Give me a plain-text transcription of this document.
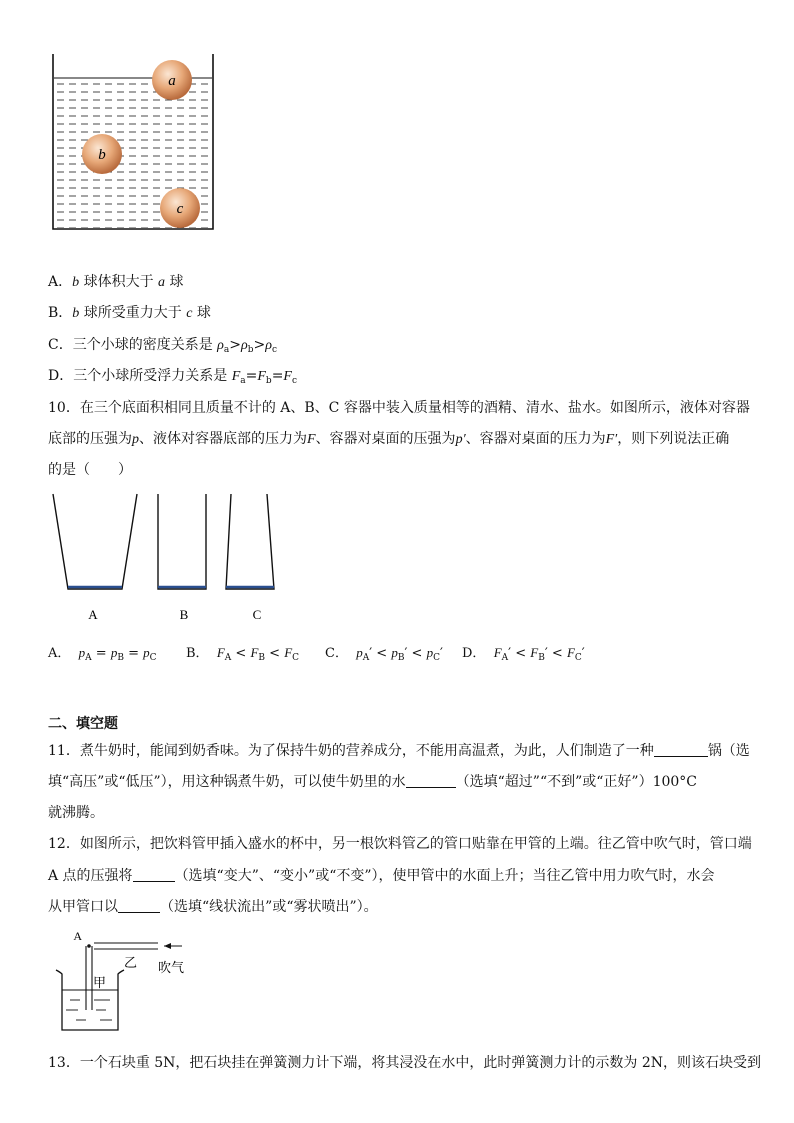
a
b
c
A．b 球体积大于 a 球
B．b 球所受重力大于 c 球
C．三个小球的密度关系是 $\rho_a>\rho_b>\rho_c$
D．三个小球所受浮力关系是 $F_a=F_b=F_c$
10．在三个底面积相同且质量不计的 A、B、C 容器中装入质量相等的酒精、清水、盐水。如图所示，液体对容器
底部的压强为p、液体对容器底部的压力为F、容器对桌面的压强为p′、容器对桌面的压力为F′，则下列说法正确
的是（　　）
A	B	C
A． $p_A = p_B = p_C$ B． $F_A < F_B < F_C$ C． $p_A' < p_B' < p_C'$ D． $F_A' < F_B' < F_C'$
二、填空题
11．煮牛奶时，能闻到奶香味。为了保持牛奶的营养成分，不能用高温煮，为此，人们制造了一种	锅（选
填“高压”或“低压”），用这种锅煮牛奶，可以使牛奶里的水	（选填“超过”“不到”或“正好”）100°C
就沸腾。
12．如图所示，把饮料管甲插入盛水的杯中，另一根饮料管乙的管口贴靠在甲管的上端。往乙管中吹气时，管口端
A 点的压强将	（选填“变大”、“变小”或“不变”），使甲管中的水面上升；当往乙管中用力吹气时，水会
从甲管口以	（选填“线状流出”或“雾状喷出”）。
A
乙 吹气
甲
13．一个石块重 5N，把石块挂在弹簧测力计下端，将其浸没在水中，此时弹簧测力计的示数为 2N，则该石块受到
